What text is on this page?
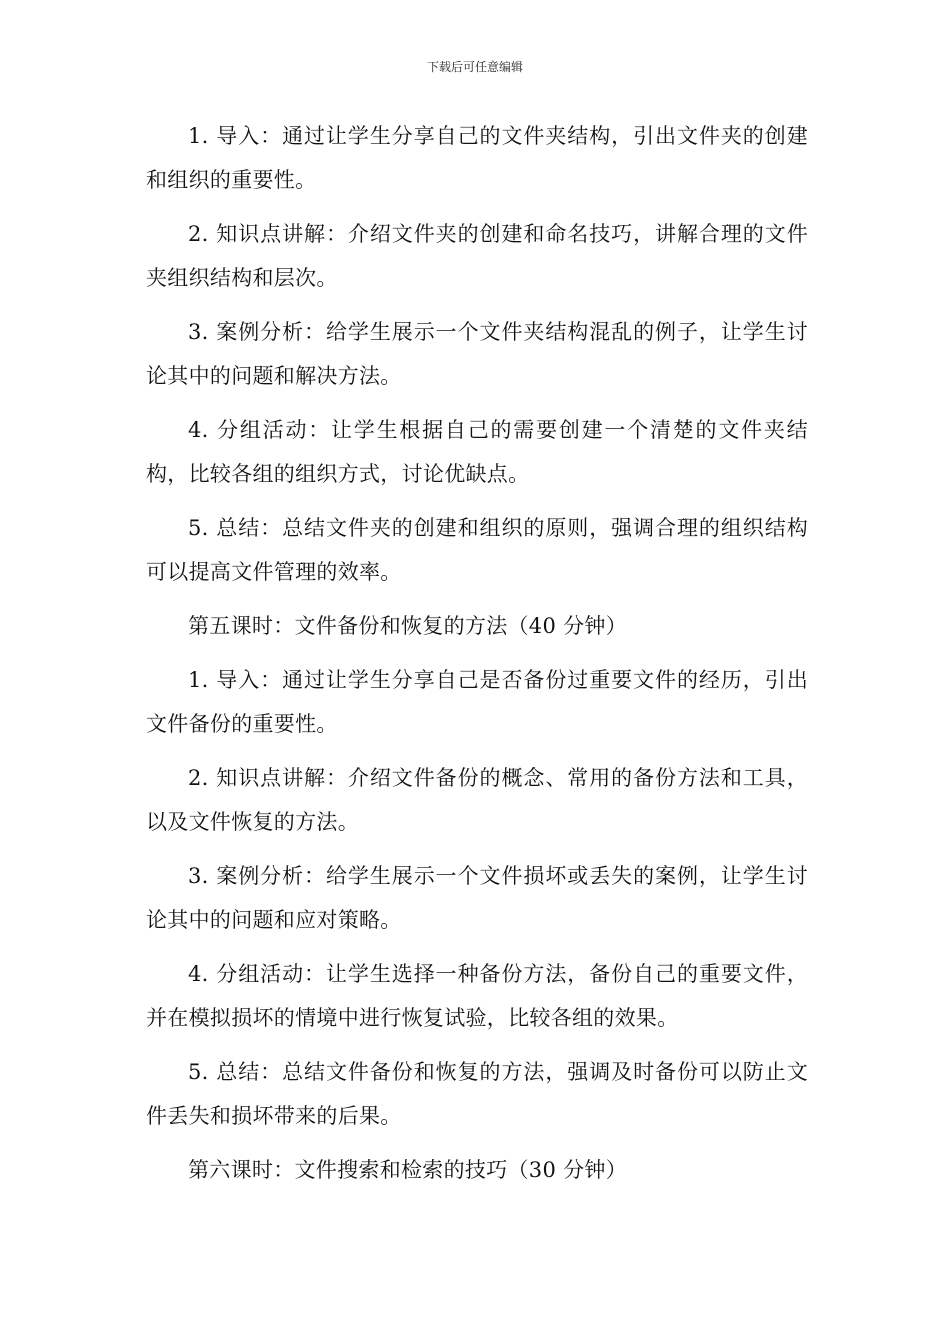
下载后可任意编辑

1. 导入：通过让学生分享自己的文件夹结构，引出文件夹的创建和组织的重要性。

2. 知识点讲解：介绍文件夹的创建和命名技巧，讲解合理的文件夹组织结构和层次。

3. 案例分析：给学生展示一个文件夹结构混乱的例子，让学生讨论其中的问题和解决方法。

4. 分组活动：让学生根据自己的需要创建一个清楚的文件夹结构，比较各组的组织方式，讨论优缺点。

5. 总结：总结文件夹的创建和组织的原则，强调合理的组织结构可以提高文件管理的效率。

第五课时：文件备份和恢复的方法（40 分钟）

1. 导入：通过让学生分享自己是否备份过重要文件的经历，引出文件备份的重要性。

2. 知识点讲解：介绍文件备份的概念、常用的备份方法和工具，以及文件恢复的方法。

3. 案例分析：给学生展示一个文件损坏或丢失的案例，让学生讨论其中的问题和应对策略。

4. 分组活动：让学生选择一种备份方法，备份自己的重要文件，并在模拟损坏的情境中进行恢复试验，比较各组的效果。

5. 总结：总结文件备份和恢复的方法，强调及时备份可以防止文件丢失和损坏带来的后果。

第六课时：文件搜索和检索的技巧（30 分钟）
